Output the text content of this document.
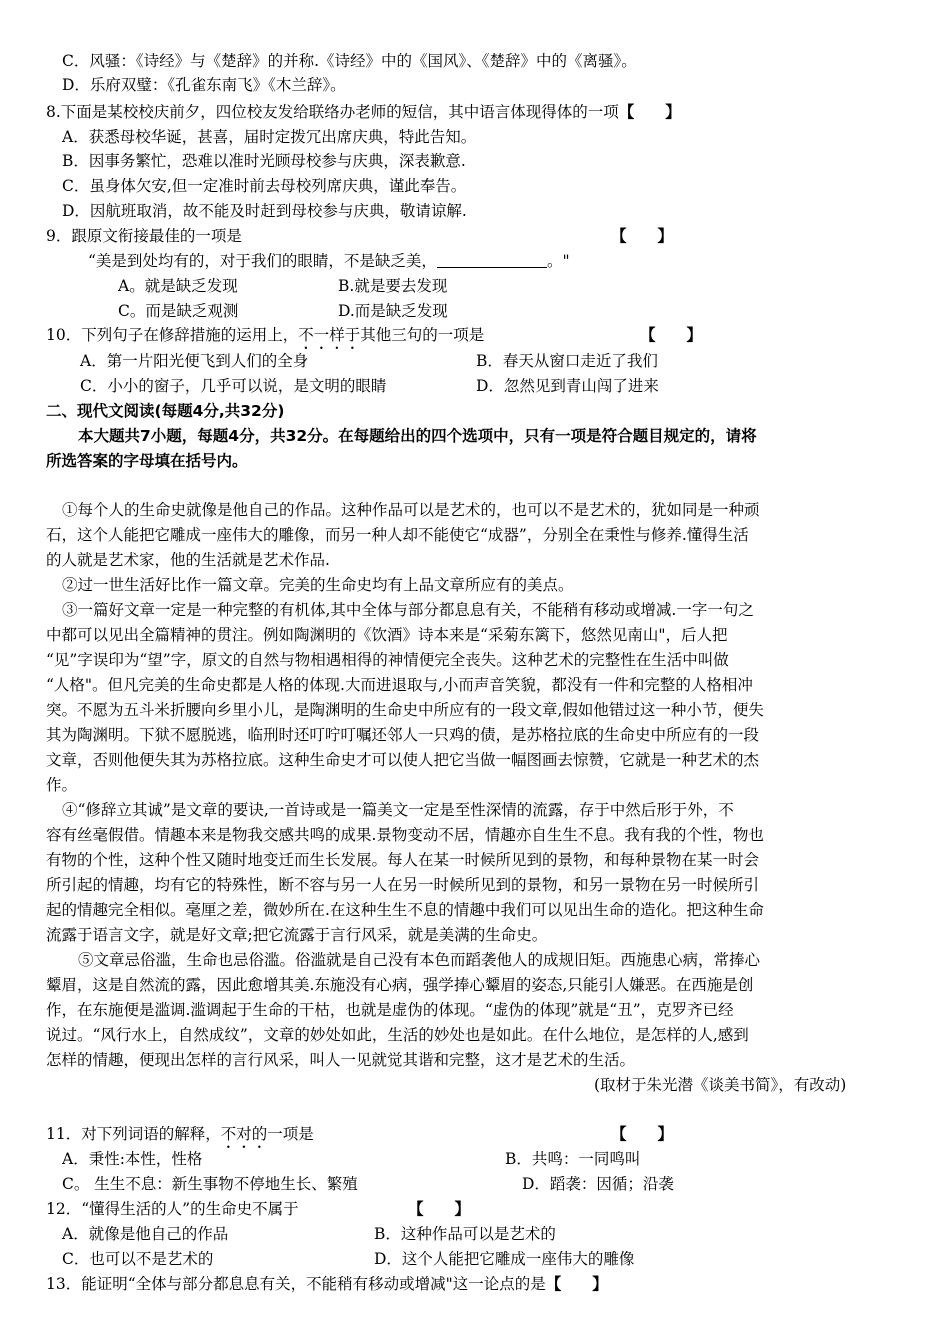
C．风骚：《诗经》与《楚辞》的并称.《诗经》中的《国风》、《楚辞》中的《离骚》。
D．乐府双璧：《孔雀东南飞》《木兰辞》。
8.下面是某校校庆前夕，四位校友发给联络办老师的短信，其中语言体现得体的一项【　　】
A．获悉母校华诞，甚喜，届时定拨冗出席庆典，特此告知。
B．因事务繁忙，恐难以准时光顾母校参与庆典，深表歉意.
C．虽身体欠安,但一定准时前去母校列席庆典，谨此奉告。
D．因航班取消，故不能及时赶到母校参与庆典，敬请谅解.
9．跟原文衔接最佳的一项是	【　　】
“美是到处均有的，对于我们的眼睛，不是缺乏美，	。"
A。就是缺乏发现	B.就是要去发现
C。而是缺乏观测	D.而是缺乏发现
10．下列句子在修辞措施的运用上，不一样于其他三句的一项是	【　　】
A．第一片阳光便飞到人们的全身	B．春天从窗口走近了我们
C．小小的窗子，几乎可以说，是文明的眼睛	D．忽然见到青山闯了进来
二、现代文阅读(每题4分,共32分)
本大题共7小题，每题4分，共32分。在每题给出的四个选项中，只有一项是符合题目规定的，请将
所选答案的字母填在括号内。
①每个人的生命史就像是他自己的作品。这种作品可以是艺术的，也可以不是艺术的，犹如同是一种顽
石，这个人能把它雕成一座伟大的雕像，而另一种人却不能使它“成器”，分别全在秉性与修养.懂得生活
的人就是艺术家，他的生活就是艺术作品.
②过一世生活好比作一篇文章。完美的生命史均有上品文章所应有的美点。
③一篇好文章一定是一种完整的有机体,其中全体与部分都息息有关，不能稍有移动或增减.一字一句之
中都可以见出全篇精神的贯注。例如陶渊明的《饮酒》诗本来是“采菊东篱下，悠然见南山"，后人把
“见”字误印为“望”字，原文的自然与物相遇相得的神情便完全丧失。这种艺术的完整性在生活中叫做
“人格"。但凡完美的生命史都是人格的体现.大而进退取与,小而声音笑貌，都没有一件和完整的人格相冲
突。不愿为五斗米折腰向乡里小儿，是陶渊明的生命史中所应有的一段文章,假如他错过这一种小节，便失
其为陶渊明。下狱不愿脱逃，临刑时还叮咛叮嘱还邻人一只鸡的债，是苏格拉底的生命史中所应有的一段
文章，否则他便失其为苏格拉底。这种生命史才可以使人把它当做一幅图画去惊赞，它就是一种艺术的杰
作。
④“修辞立其诚”是文章的要诀,一首诗或是一篇美文一定是至性深情的流露，存于中然后形于外，不
容有丝毫假借。情趣本来是物我交感共鸣的成果.景物变动不居，情趣亦自生生不息。我有我的个性，物也
有物的个性，这种个性又随时地变迁而生长发展。每人在某一时候所见到的景物，和每种景物在某一时会
所引起的情趣，均有它的特殊性，断不容与另一人在另一时候所见到的景物，和另一景物在另一时候所引
起的情趣完全相似。毫厘之差，微妙所在.在这种生生不息的情趣中我们可以见出生命的造化。把这种生命
流露于语言文字，就是好文章;把它流露于言行风采，就是美满的生命史。
⑤文章忌俗滥，生命也忌俗滥。俗滥就是自己没有本色而蹈袭他人的成规旧矩。西施患心病，常捧心
颦眉，这是自然流的露，因此愈增其美.东施没有心病，强学捧心颦眉的姿态,只能引人嫌恶。在西施是创
作，在东施便是滥调.滥调起于生命的干枯，也就是虚伪的体现。“虚伪的体现”就是“丑”，克罗齐已经
说过。“风行水上，自然成纹”，文章的妙处如此，生活的妙处也是如此。在什么地位，是怎样的人,感到
怎样的情趣，便现出怎样的言行风采，叫人一见就觉其谐和完整，这才是艺术的生活。
(取材于朱光潜《谈美书简》，有改动)
11．对下列词语的解释，不对的一项是	【　　】
A．秉性:本性，性格	B．共鸣：一同鸣叫
C。 生生不息：新生事物不停地生长、繁殖	D．蹈袭：因循；沿袭
12．“懂得生活的人”的生命史不属于	【　　】
A．就像是他自己的作品	B．这种作品可以是艺术的
C．也可以不是艺术的	D．这个人能把它雕成一座伟大的雕像
13．能证明“全体与部分都息息有关，不能稍有移动或增减"这一论点的是【　　】
